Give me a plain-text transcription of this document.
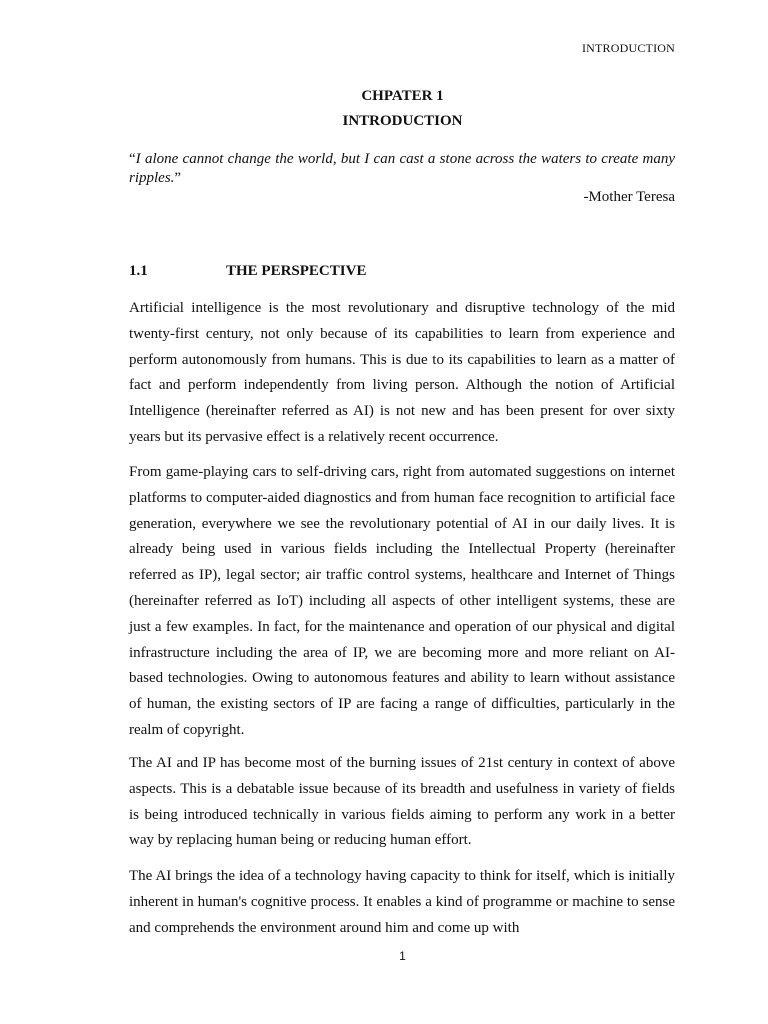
INTRODUCTION
CHPATER 1
INTRODUCTION
“I alone cannot change the world, but I can cast a stone across the waters to create many ripples.”
-Mother Teresa
1.1	THE PERSPECTIVE

Artificial intelligence is the most revolutionary and disruptive technology of the mid twenty-first century, not only because of its capabilities to learn from experience and perform autonomously from humans. This is due to its capabilities to learn as a matter of fact and perform independently from living person. Although the notion of Artificial Intelligence (hereinafter referred as AI) is not new and has been present for over sixty years but its pervasive effect is a relatively recent occurrence.

From game-playing cars to self-driving cars, right from automated suggestions on internet platforms to computer-aided diagnostics and from human face recognition to artificial face generation, everywhere we see the revolutionary potential of AI in our daily lives. It is already being used in various fields including the Intellectual Property (hereinafter referred as IP), legal sector; air traffic control systems, healthcare and Internet of Things (hereinafter referred as IoT) including all aspects of other intelligent systems, these are just a few examples. In fact, for the maintenance and operation of our physical and digital infrastructure including the area of IP, we are becoming more and more reliant on AI-based technologies. Owing to autonomous features and ability to learn without assistance of human, the existing sectors of IP are facing a range of difficulties, particularly in the realm of copyright.

The AI and IP has become most of the burning issues of 21st century in context of above aspects. This is a debatable issue because of its breadth and usefulness in variety of fields is being introduced technically in various fields aiming to perform any work in a better way by replacing human being or reducing human effort.

The AI brings the idea of a technology having capacity to think for itself, which is initially inherent in human's cognitive process. It enables a kind of programme or machine to sense and comprehends the environment around him and come up with

1
